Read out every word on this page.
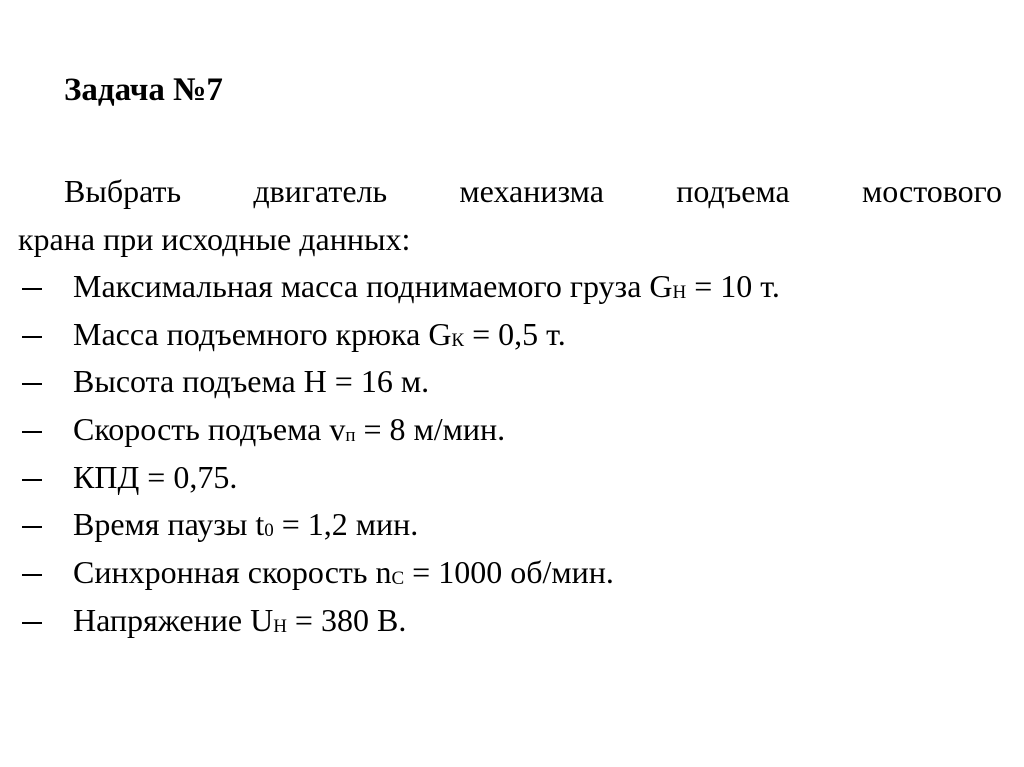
Задача №7
Выбрать двигатель механизма подъема мостового
крана при исходные данных:
Максимальная масса поднимаемого груза GН = 10 т.
Масса подъемного крюка GК = 0,5 т.
Высота подъема Н = 16 м.
Скорость подъема vп = 8 м/мин.
КПД = 0,75.
Время паузы t0 = 1,2 мин.
Синхронная скорость nС = 1000 об/мин.
Напряжение UН = 380 В.
